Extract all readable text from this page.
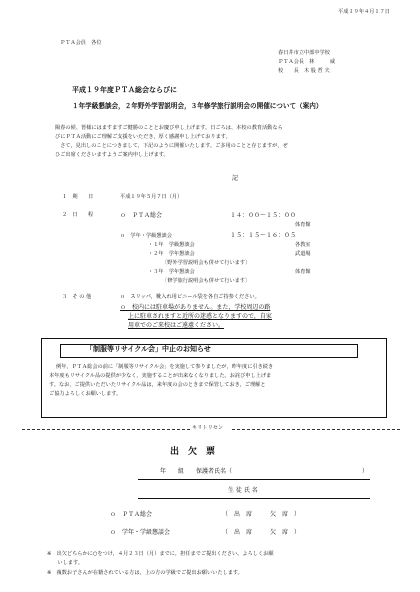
平成１９年４月１７日
ＰＴＡ会員　各位
春日井市立中部中学校
ＰＴＡ会長　林　　　威
校　　長　木 股 哲 夫
平成１９年度ＰＴＡ総会ならびに
１年学級懇談会，２年野外学習説明会，３年修学旅行説明会の開催について（案内）
陽春の候、皆様にはますますご健勝のこととお慶び申し上げます。日ごろは、本校の教育活動なら
びにＰＴＡ活動にご理解ご支援をいただき，厚く感謝申し上げております。
　さて，見出しのことにつきまして，下記のように開催いたします。ご多用のことと存じますが，ぜ
ひご出席くださいますようご案内申し上げます。
記
１　期　　日	平成１９年５月７日（月）
２　日　　程	ｏ　ＰＴＡ総会	１４：００～１５：００
体育館
ｏ　学年・学級懇談会	１５：１５～１６：０５
・１年　学級懇談会	各教室
・２年　学年懇談会	武道場
〔野外学習説明会も併せて行います〕
・３年　学年懇談会	体育館
〔修学旅行説明会も併せて行います〕
３　そ の 他	ｏ　スリッパ，靴入れ用ビニール袋を各自ご持参ください。
ｏ　校内には駐車場がありません。また，学校周辺の路
上に駐車されますと近所の迷惑となりますので，自家
用車でのご来校はご遠慮ください。
「制服等リサイクル会」中止のお知らせ
例年，ＰＴＡ総会の前に「制服等リサイクル会」を実施して参りましたが，昨年度に引き続き
本年度もリサイクル品の提供が少なく，実施することが出来なくなりました。お詫び申し上げま
す。なお，ご提供いただいたリサイクル品は，来年度の会のときまで保管しておき，ご理解と
ご協力よろしくお願いします。
キリトリセン
出　欠　票
年　　組　　保護者氏名（	）
生 徒 氏 名
ｏ　ＰＴＡ総会	（　出　席　　　欠　席　）
ｏ　学年・学級懇談会	（　出　席　　　欠　席　）
※　出欠どちらかに○をつけ，４月２３日（月）までに，担任までご提出ください。よろしくお願
　　いします。
※　複数お子さんが在籍されている方は，上の方の学級でご提出お願いいたします。
